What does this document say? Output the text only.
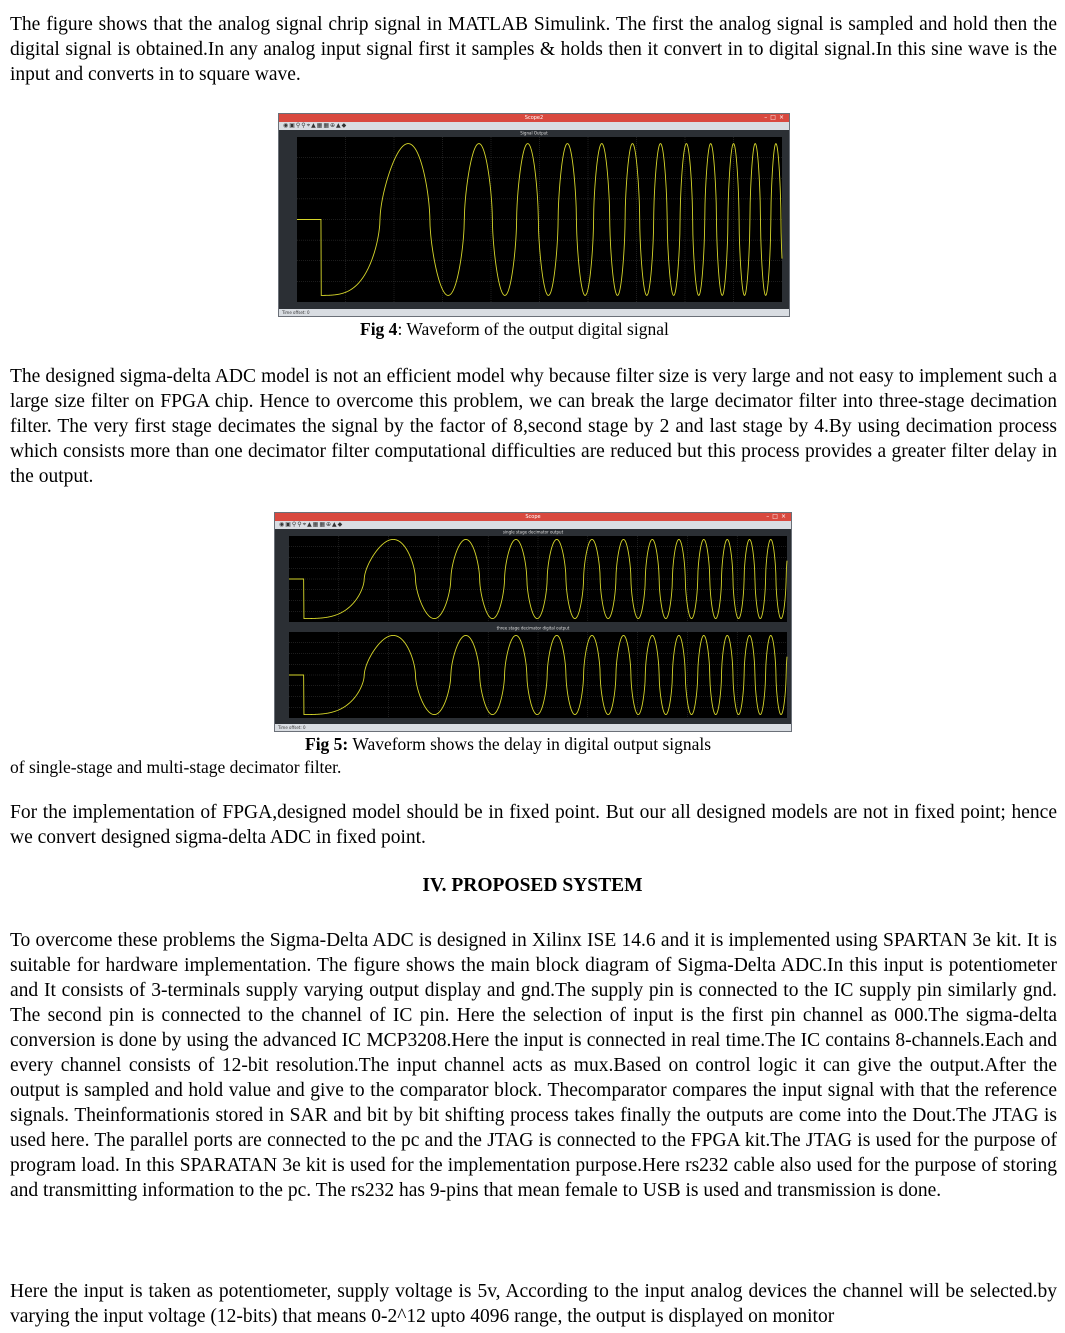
The figure shows that the analog signal chrip signal in MATLAB Simulink. The first the analog signal is sampled and hold then the digital signal is obtained.In any analog input signal first it samples & holds then it convert in to digital signal.In this sine wave is the input and converts in to square wave.

Scope2	–□×
◉▣⚲⚲⌖▲▦▦⊕▲◆
Signal Output
Time offset: 0
Fig 4: Waveform of the output digital signal

The designed sigma-delta ADC model is not an efficient model why because filter size is very large and not easy to implement such a large size filter on FPGA chip. Hence to overcome this problem, we can break the large decimator filter into three-stage decimation filter. The very first stage decimates the signal by the factor of 8,second stage by 2 and last stage by 4.By using decimation process which consists more than one decimator filter computational difficulties are reduced but this process provides a greater filter delay in the output.

Scope	–□×
◉▣⚲⚲⌖▲▦▦⊕▲◆
single stage decimator output
three stage decimator digital output
Time offset: 0
Fig 5: Waveform shows the delay in digital output signals
of single-stage and multi-stage decimator filter.

For the implementation of FPGA,designed model should be in fixed point. But our all designed models are not in fixed point; hence we convert designed sigma-delta ADC in fixed point.

IV. PROPOSED SYSTEM

To overcome these problems the Sigma-Delta ADC is designed in Xilinx ISE 14.6 and it is implemented using SPARTAN 3e kit. It is suitable for hardware implementation. The figure shows the main block diagram of Sigma-Delta ADC.In this input is potentiometer and It consists of 3-terminals supply varying output display and gnd.The supply pin is connected to the IC supply pin similarly gnd. The second pin is connected to the channel of IC pin. Here the selection of input is the first pin channel as 000.The sigma-delta conversion is done by using the advanced IC MCP3208.Here the input is connected in real time.The IC contains 8-channels.Each and every channel consists of 12-bit resolution.The input channel acts as mux.Based on control logic it can give the output.After the output is sampled and hold value and give to the comparator block. Thecomparator compares the input signal with that the reference signals. Theinformationis stored in SAR and bit by bit shifting process takes finally the outputs are come into the Dout.The JTAG is used here. The parallel ports are connected to the pc and the JTAG is connected to the FPGA kit.The JTAG is used for the purpose of program load. In this SPARATAN 3e kit is used for the implementation purpose.Here rs232 cable also used for the purpose of storing and transmitting information to the pc. The rs232 has 9-pins that mean female to USB is used and transmission is done.

Here the input is taken as potentiometer, supply voltage is 5v, According to the input analog devices the channel will be selected.by varying the input voltage (12-bits) that means 0-2^12 upto 4096 range, the output is displayed on monitor
